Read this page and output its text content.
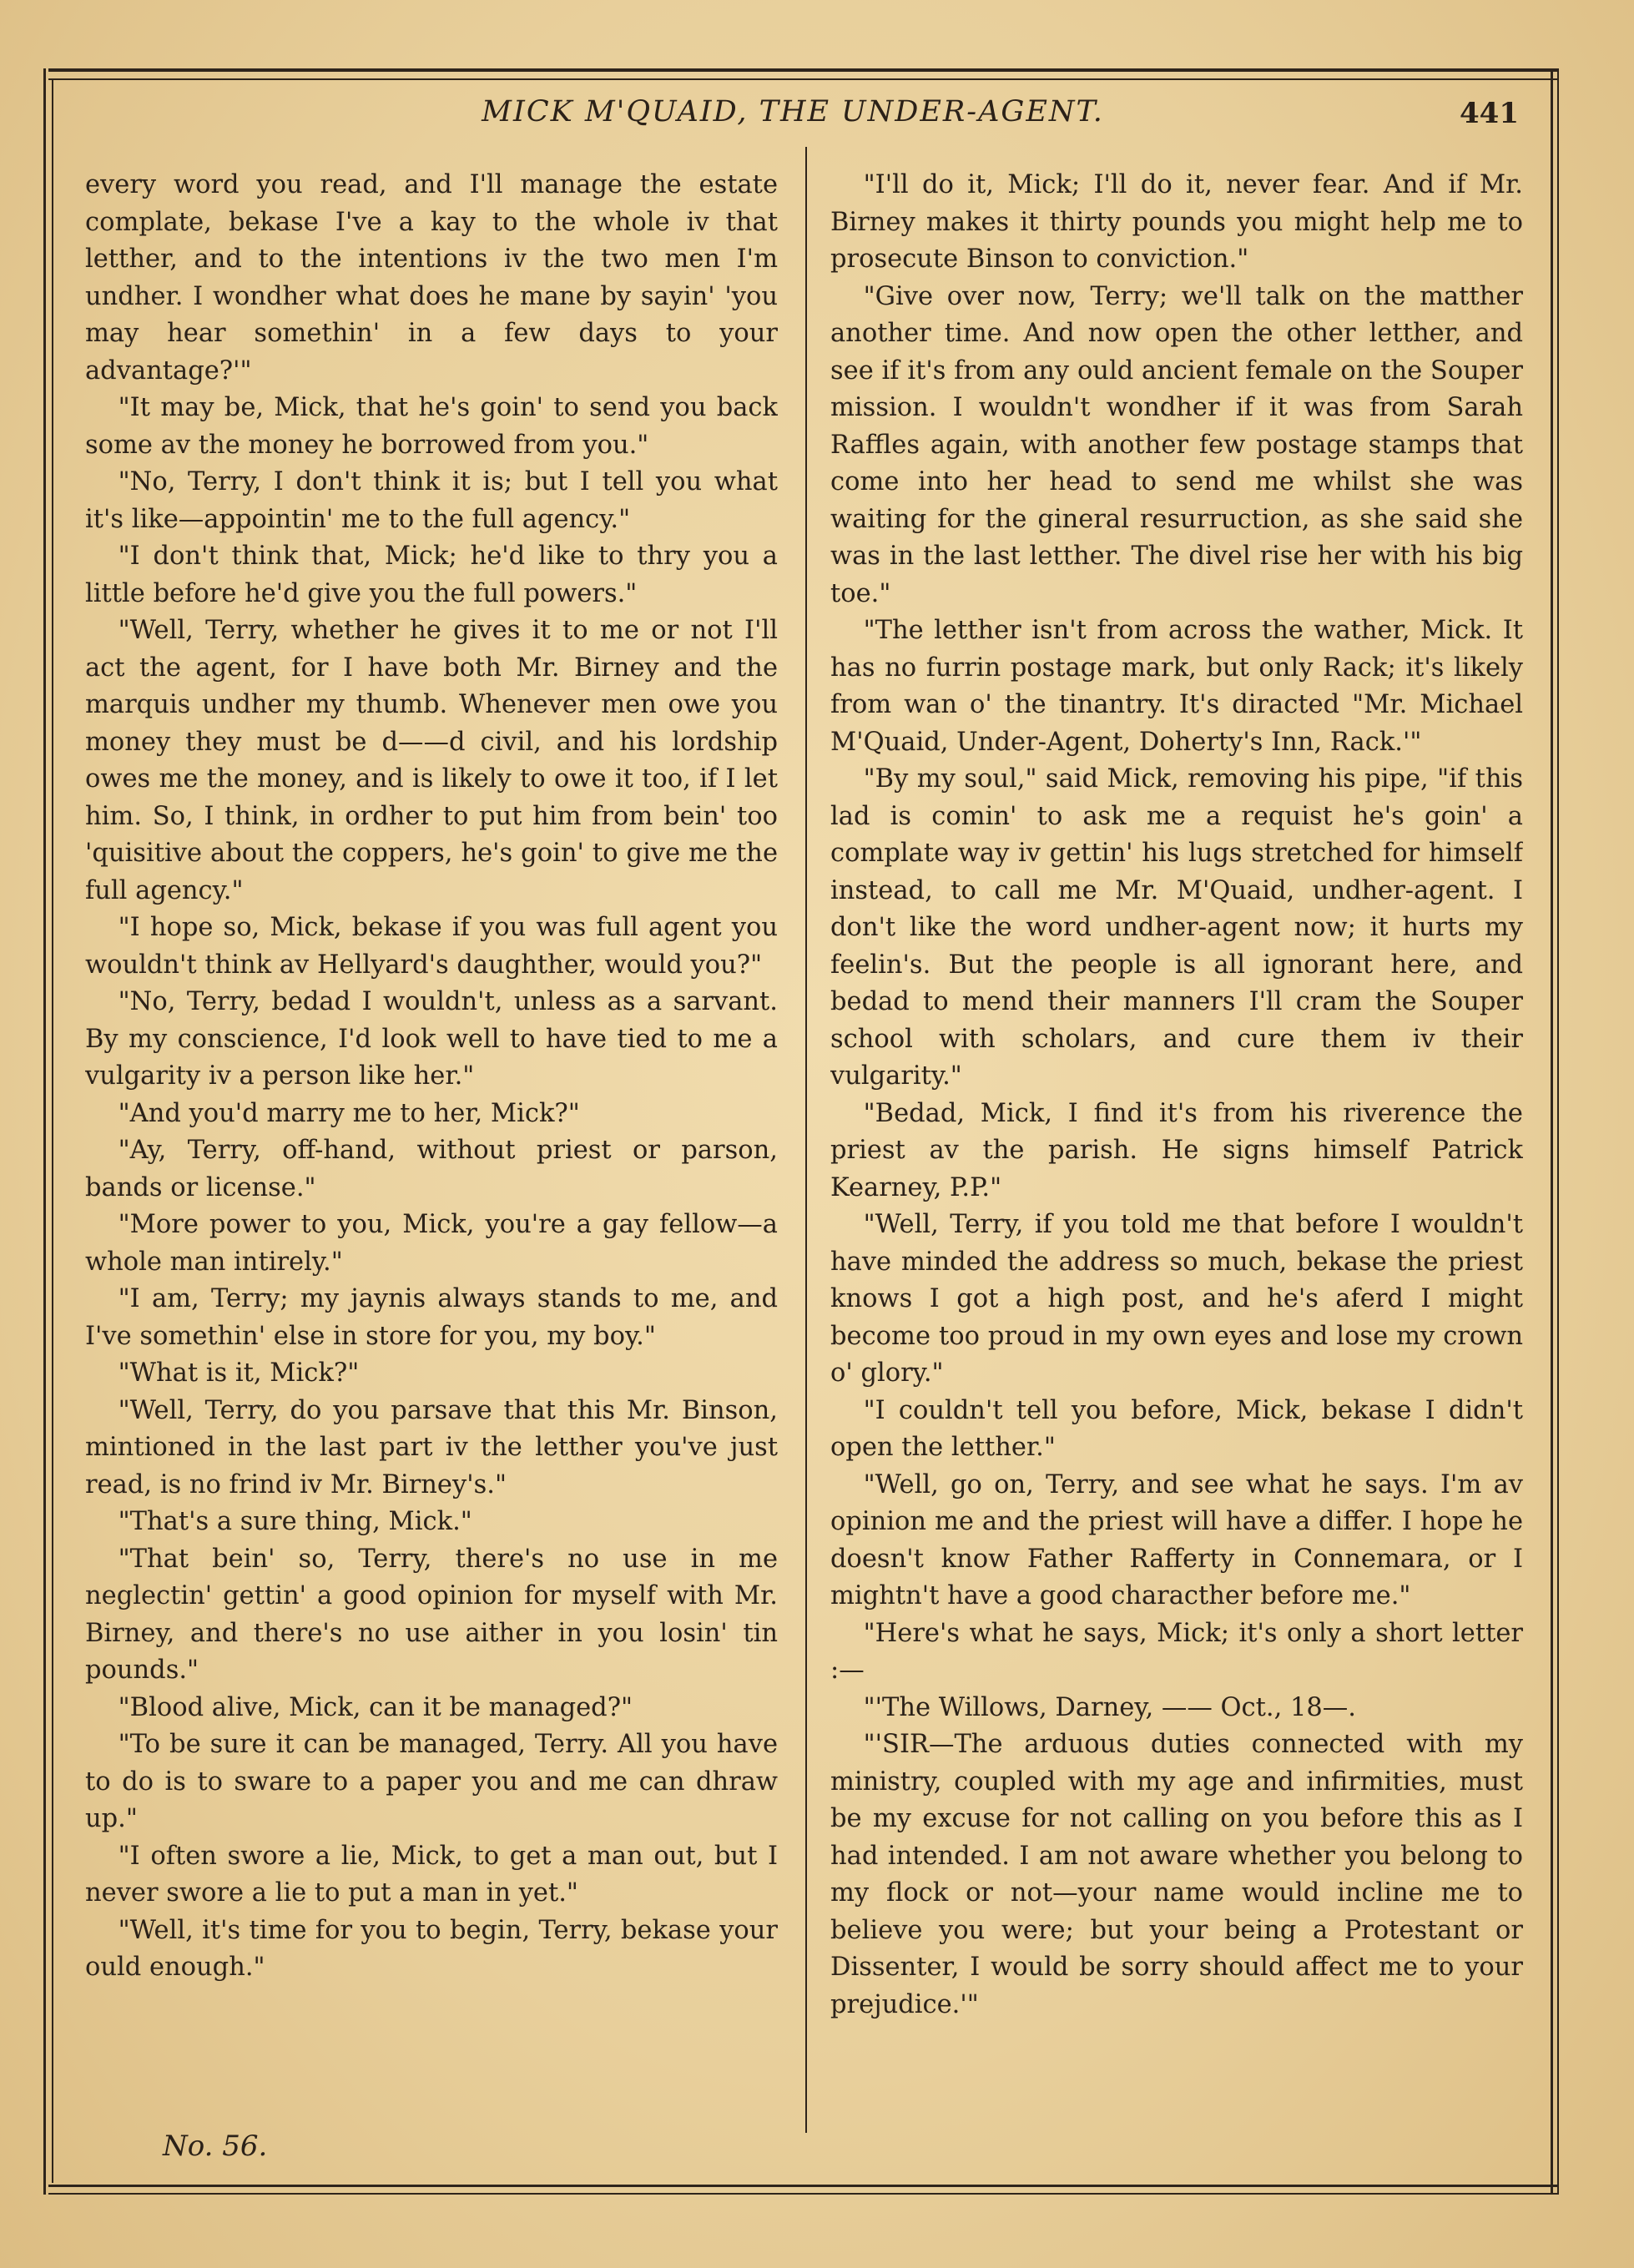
MICK M'QUAID, THE UNDER-AGENT.	441

every word you read, and I'll manage the estate complate, bekase I've a kay to the whole iv that letther, and to the intentions iv the two men I'm undher. I wondher what does he mane by sayin' 'you may hear somethin' in a few days to your advantage?'"

"It may be, Mick, that he's goin' to send you back some av the money he borrowed from you."

"No, Terry, I don't think it is; but I tell you what it's like—appointin' me to the full agency."

"I don't think that, Mick; he'd like to thry you a little before he'd give you the full powers."

"Well, Terry, whether he gives it to me or not I'll act the agent, for I have both Mr. Birney and the marquis undher my thumb. Whenever men owe you money they must be d——d civil, and his lordship owes me the money, and is likely to owe it too, if I let him. So, I think, in ordher to put him from bein' too 'quisitive about the coppers, he's goin' to give me the full agency."

"I hope so, Mick, bekase if you was full agent you wouldn't think av Hellyard's daughther, would you?"

"No, Terry, bedad I wouldn't, unless as a sarvant. By my conscience, I'd look well to have tied to me a vulgarity iv a person like her."

"And you'd marry me to her, Mick?"

"Ay, Terry, off-hand, without priest or parson, bands or license."

"More power to you, Mick, you're a gay fellow—a whole man intirely."

"I am, Terry; my jaynis always stands to me, and I've somethin' else in store for you, my boy."

"What is it, Mick?"

"Well, Terry, do you parsave that this Mr. Binson, mintioned in the last part iv the letther you've just read, is no frind iv Mr. Birney's."

"That's a sure thing, Mick."

"That bein' so, Terry, there's no use in me neglectin' gettin' a good opinion for myself with Mr. Birney, and there's no use aither in you losin' tin pounds."

"Blood alive, Mick, can it be managed?"

"To be sure it can be managed, Terry. All you have to do is to sware to a paper you and me can dhraw up."

"I often swore a lie, Mick, to get a man out, but I never swore a lie to put a man in yet."

"Well, it's time for you to begin, Terry, bekase your ould enough."

"I'll do it, Mick; I'll do it, never fear. And if Mr. Birney makes it thirty pounds you might help me to prosecute Binson to conviction."

"Give over now, Terry; we'll talk on the matther another time. And now open the other letther, and see if it's from any ould ancient female on the Souper mission. I wouldn't wondher if it was from Sarah Raffles again, with another few postage stamps that come into her head to send me whilst she was waiting for the gineral resurruction, as she said she was in the last letther. The divel rise her with his big toe."

"The letther isn't from across the wather, Mick. It has no furrin postage mark, but only Rack; it's likely from wan o' the tinantry. It's diracted "Mr. Michael M'Quaid, Under-Agent, Doherty's Inn, Rack.'"

"By my soul," said Mick, removing his pipe, "if this lad is comin' to ask me a requist he's goin' a complate way iv gettin' his lugs stretched for himself instead, to call me Mr. M'Quaid, undher-agent. I don't like the word undher-agent now; it hurts my feelin's. But the people is all ignorant here, and bedad to mend their manners I'll cram the Souper school with scholars, and cure them iv their vulgarity."

"Bedad, Mick, I find it's from his riverence the priest av the parish. He signs himself Patrick Kearney, P.P."

"Well, Terry, if you told me that before I wouldn't have minded the address so much, bekase the priest knows I got a high post, and he's aferd I might become too proud in my own eyes and lose my crown o' glory."

"I couldn't tell you before, Mick, bekase I didn't open the letther."

"Well, go on, Terry, and see what he says. I'm av opinion me and the priest will have a differ. I hope he doesn't know Father Rafferty in Connemara, or I mightn't have a good characther before me."

"Here's what he says, Mick; it's only a short letter :—

"'The Willows, Darney, —— Oct., 18—.

"'SIR—The arduous duties connected with my ministry, coupled with my age and infirmities, must be my excuse for not calling on you before this as I had intended. I am not aware whether you belong to my flock or not—your name would incline me to believe you were; but your being a Protestant or Dissenter, I would be sorry should affect me to your prejudice.'"

No. 56.
